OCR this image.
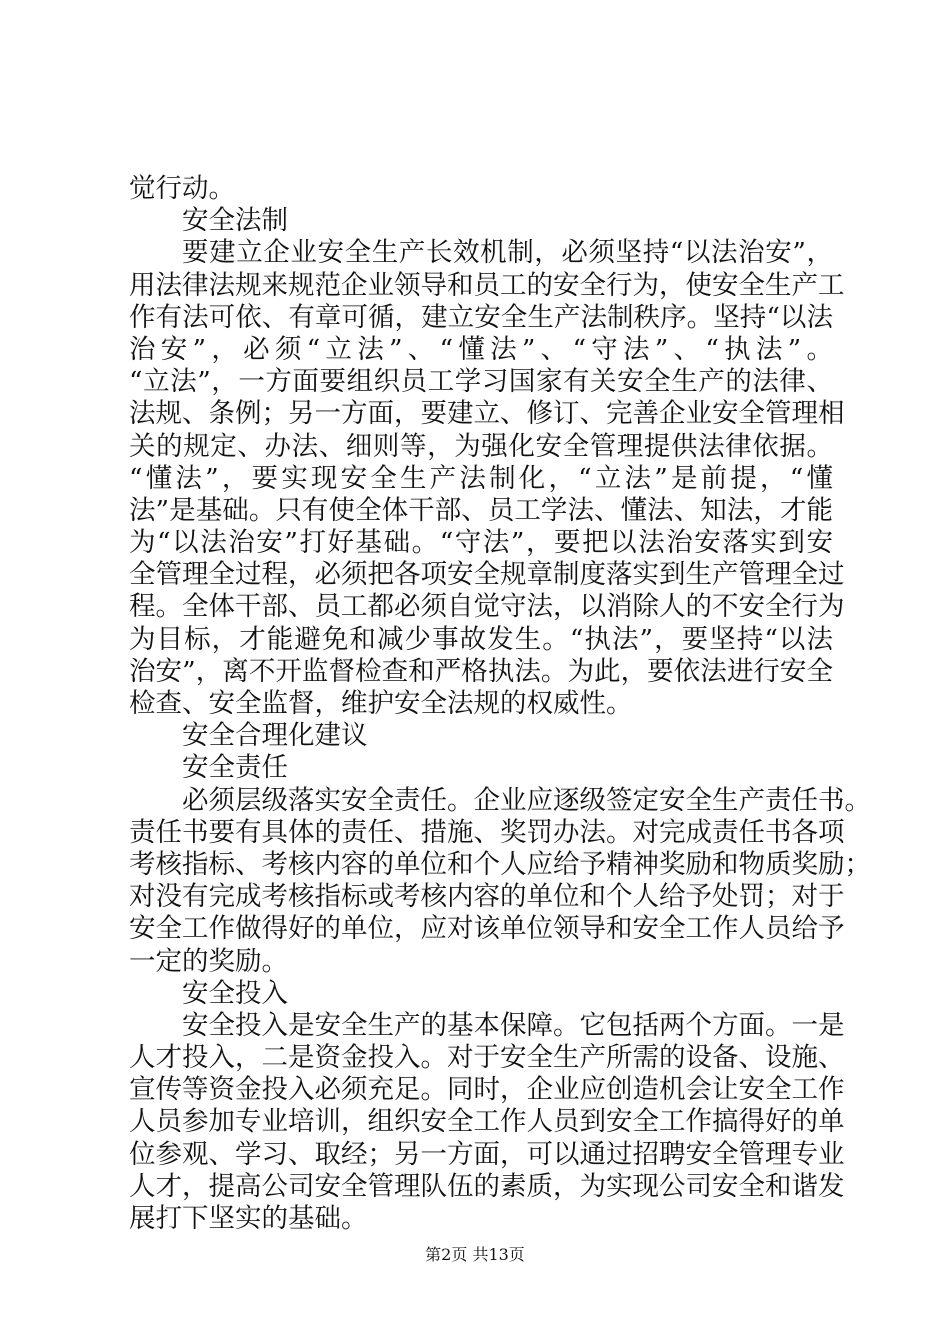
觉行动。
安全法制
要建立企业安全生产长效机制，必须坚持“以法治安”，
用法律法规来规范企业领导和员工的安全行为，使安全生产工
作有法可依、有章可循，建立安全生产法制秩序。坚持“以法
治安”，必须“立法”、“懂法”、“守法”、“执法”。
“立法”，一方面要组织员工学习国家有关安全生产的法律、
法规、条例；另一方面，要建立、修订、完善企业安全管理相
关的规定、办法、细则等，为强化安全管理提供法律依据。
“懂法”，要实现安全生产法制化，“立法”是前提，“懂
法”是基础。只有使全体干部、员工学法、懂法、知法，才能
为“以法治安”打好基础。“守法”，要把以法治安落实到安
全管理全过程，必须把各项安全规章制度落实到生产管理全过
程。全体干部、员工都必须自觉守法，以消除人的不安全行为
为目标，才能避免和减少事故发生。“执法”，要坚持“以法
治安”，离不开监督检查和严格执法。为此，要依法进行安全
检查、安全监督，维护安全法规的权威性。
安全合理化建议
安全责任
必须层级落实安全责任。企业应逐级签定安全生产责任书。
责任书要有具体的责任、措施、奖罚办法。对完成责任书各项
考核指标、考核内容的单位和个人应给予精神奖励和物质奖励；
对没有完成考核指标或考核内容的单位和个人给予处罚；对于
安全工作做得好的单位，应对该单位领导和安全工作人员给予
一定的奖励。
安全投入
安全投入是安全生产的基本保障。它包括两个方面。一是
人才投入，二是资金投入。对于安全生产所需的设备、设施、
宣传等资金投入必须充足。同时，企业应创造机会让安全工作
人员参加专业培训，组织安全工作人员到安全工作搞得好的单
位参观、学习、取经；另一方面，可以通过招聘安全管理专业
人才，提高公司安全管理队伍的素质，为实现公司安全和谐发
展打下坚实的基础。
第2页 共13页
